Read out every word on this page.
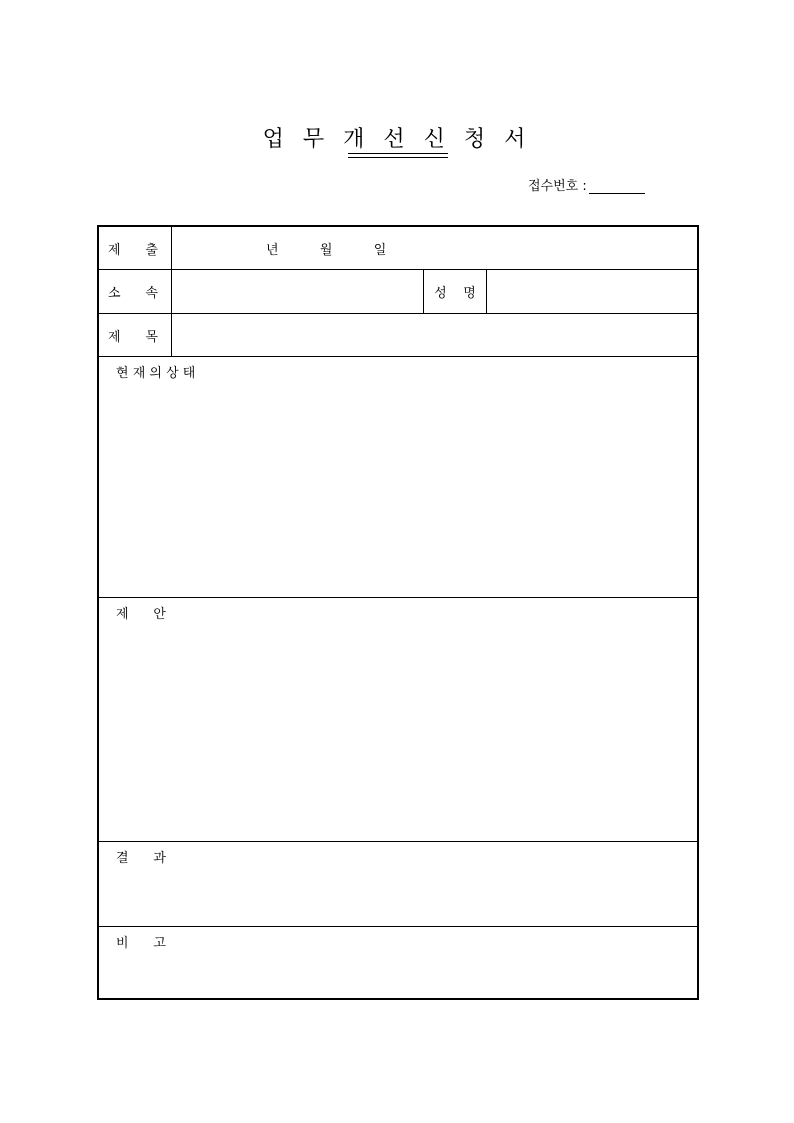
업 무 개 선 신 청 서
접수번호 :
제      출	년          월          일
소      속	성    명
제      목
현 재 의 상 태
제      안
결      과
비      고
